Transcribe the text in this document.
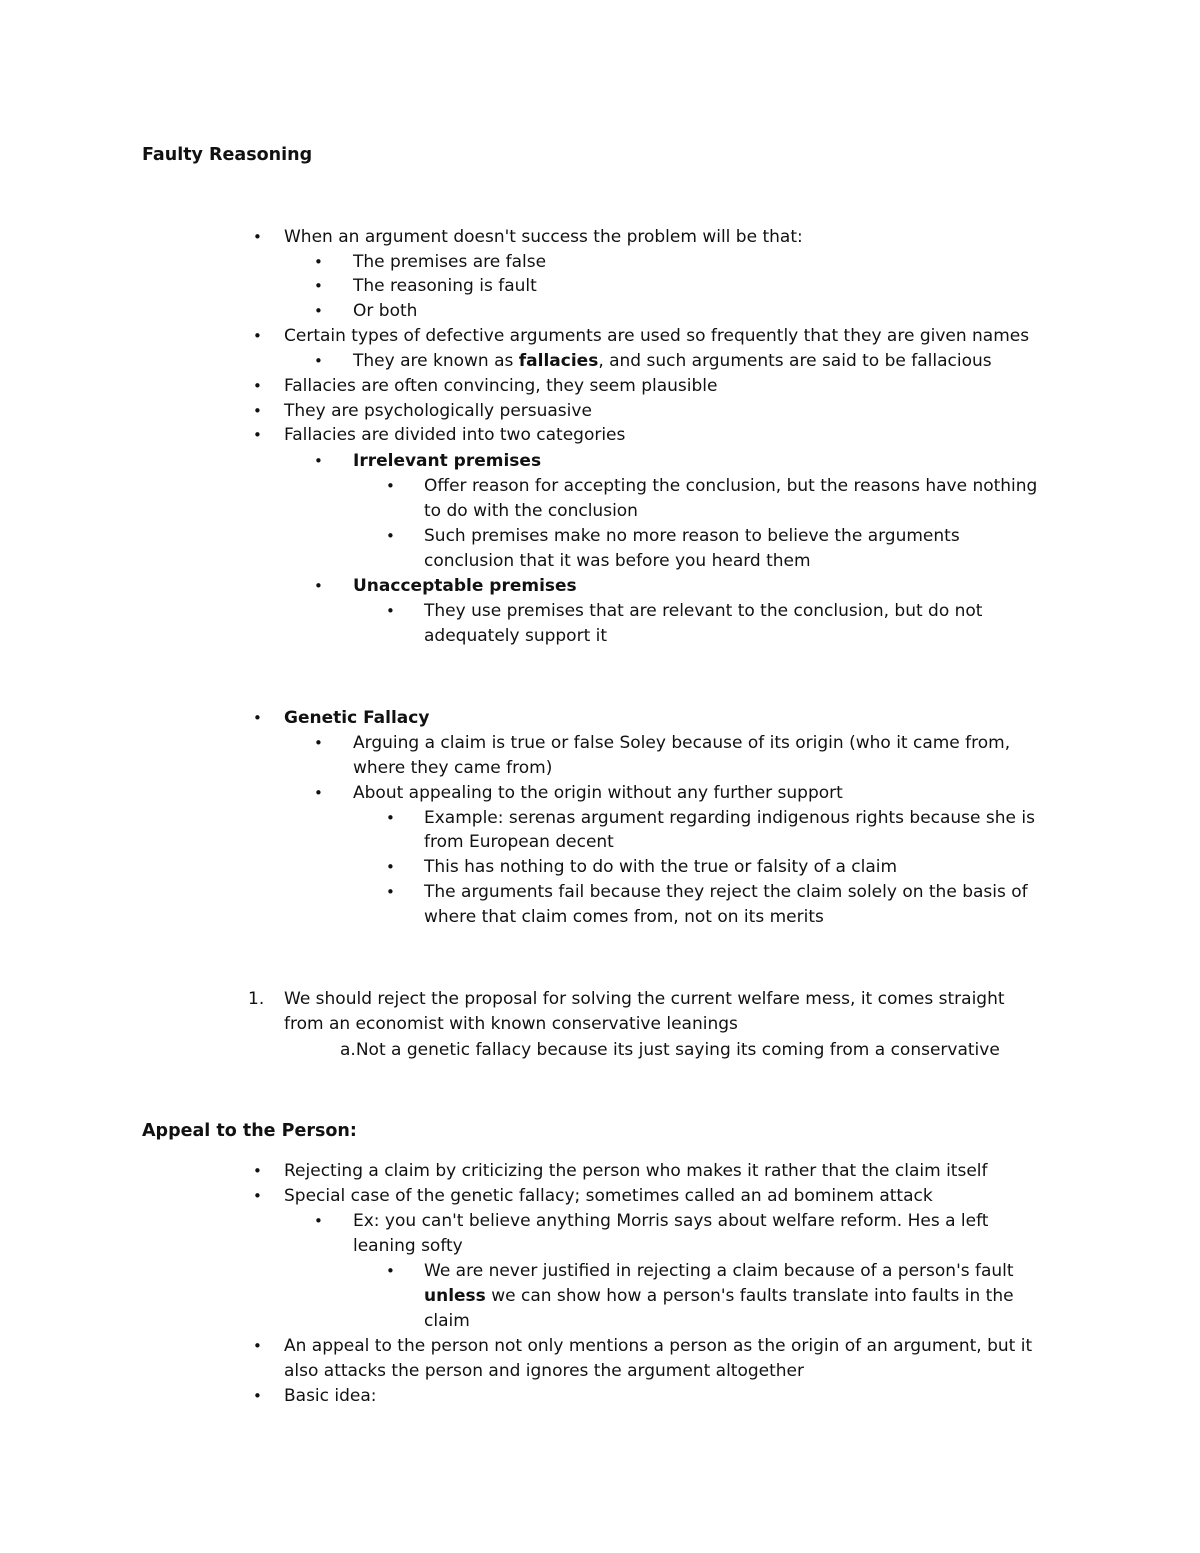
Faulty Reasoning
• When an argument doesn't success the problem will be that:
• The premises are false
• The reasoning is fault
• Or both
• Certain types of defective arguments are used so frequently that they are given names
• They are known as fallacies, and such arguments are said to be fallacious
• Fallacies are often convincing, they seem plausible
• They are psychologically persuasive
• Fallacies are divided into two categories
• Irrelevant premises
• Offer reason for accepting the conclusion, but the reasons have nothing
to do with the conclusion
• Such premises make no more reason to believe the arguments
conclusion that it was before you heard them
• Unacceptable premises
• They use premises that are relevant to the conclusion, but do not
adequately support it
• Genetic Fallacy
• Arguing a claim is true or false Soley because of its origin (who it came from,
where they came from)
• About appealing to the origin without any further support
• Example: serenas argument regarding indigenous rights because she is
from European decent
• This has nothing to do with the true or falsity of a claim
• The arguments fail because they reject the claim solely on the basis of
where that claim comes from, not on its merits
1. We should reject the proposal for solving the current welfare mess, it comes straight
from an economist with known conservative leanings
a.Not a genetic fallacy because its just saying its coming from a conservative
Appeal to the Person:
• Rejecting a claim by criticizing the person who makes it rather that the claim itself
• Special case of the genetic fallacy; sometimes called an ad bominem attack
• Ex: you can't believe anything Morris says about welfare reform. Hes a left
leaning softy
• We are never justified in rejecting a claim because of a person's fault
unless we can show how a person's faults translate into faults in the
claim
• An appeal to the person not only mentions a person as the origin of an argument, but it
also attacks the person and ignores the argument altogether
• Basic idea:
